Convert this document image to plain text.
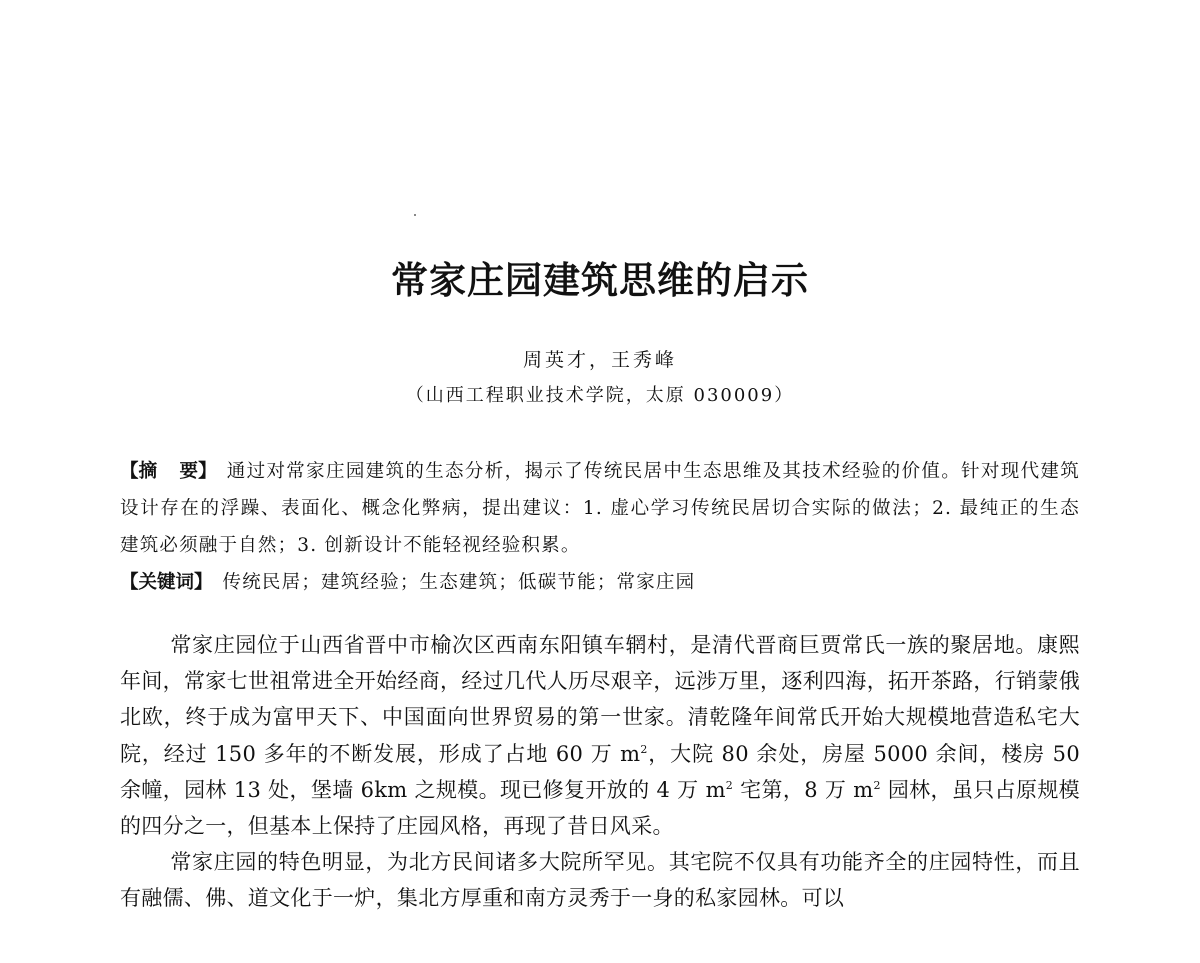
常家庄园建筑思维的启示
周英才，王秀峰
（山西工程职业技术学院，太原 030009）

【摘 要】 通过对常家庄园建筑的生态分析，揭示了传统民居中生态思维及其技术经验的价值。针对现代建筑设计存在的浮躁、表面化、概念化弊病，提出建议：1. 虚心学习传统民居切合实际的做法；2. 最纯正的生态建筑必须融于自然；3. 创新设计不能轻视经验积累。

【关键词】 传统民居；建筑经验；生态建筑；低碳节能；常家庄园

常家庄园位于山西省晋中市榆次区西南东阳镇车辋村，是清代晋商巨贾常氏一族的聚居地。康熙年间，常家七世祖常进全开始经商，经过几代人历尽艰辛，远涉万里，逐利四海，拓开茶路，行销蒙俄北欧，终于成为富甲天下、中国面向世界贸易的第一世家。清乾隆年间常氏开始大规模地营造私宅大院，经过 150 多年的不断发展，形成了占地 60 万 $m^2$，大院 80 余处，房屋 5000 余间，楼房 50 余幢，园林 13 处，堡墙 6km 之规模。现已修复开放的 4 万 $m^2$ 宅第，8 万 $m^2$ 园林，虽只占原规模的四分之一，但基本上保持了庄园风格，再现了昔日风采。

常家庄园的特色明显，为北方民间诸多大院所罕见。其宅院不仅具有功能齐全的庄园特性，而且有融儒、佛、道文化于一炉，集北方厚重和南方灵秀于一身的私家园林。可以
